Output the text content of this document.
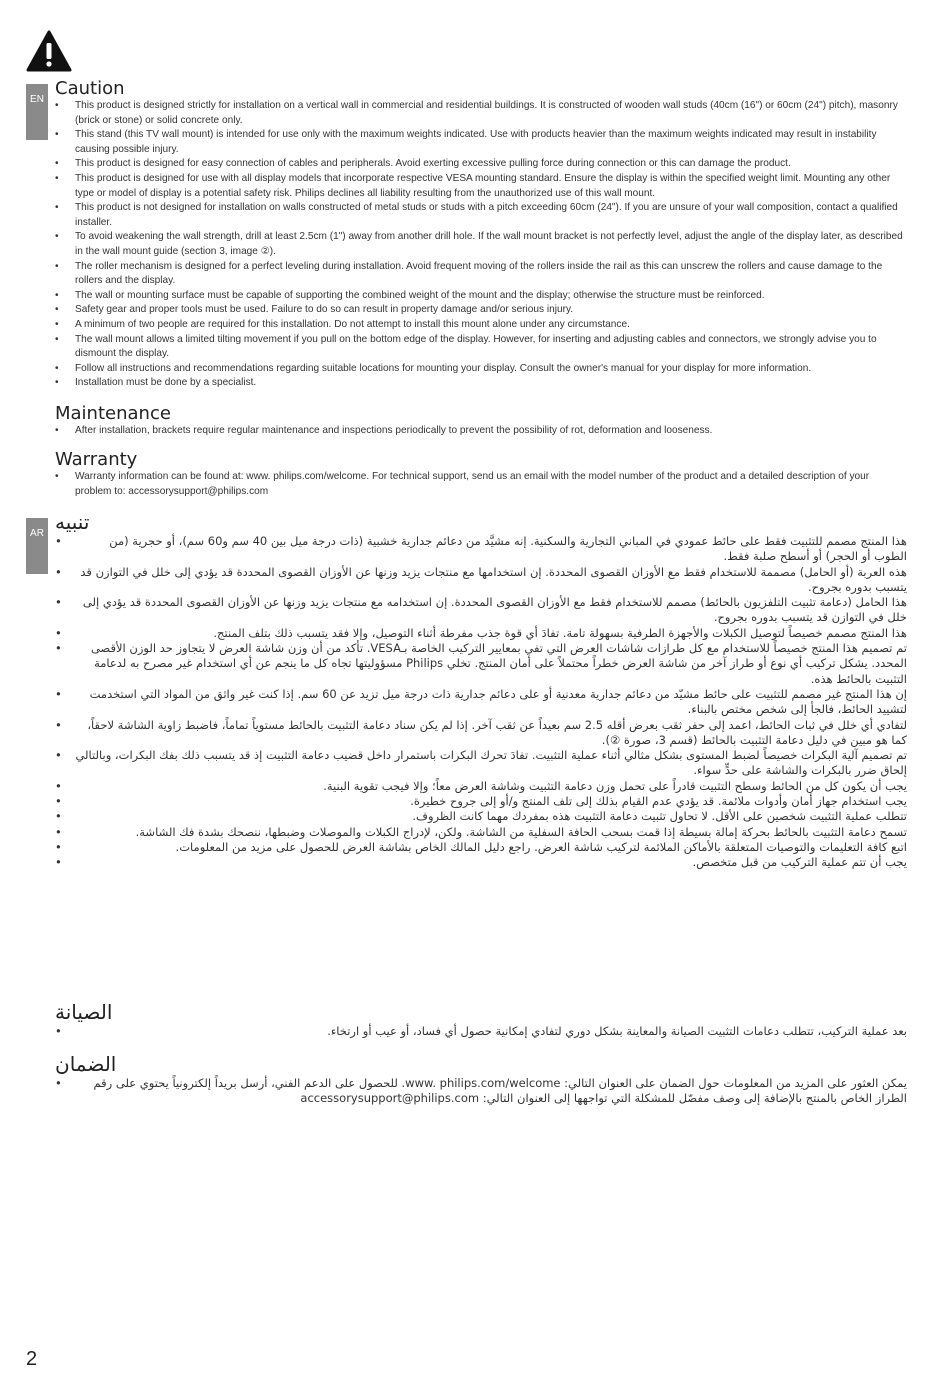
EN
AR
Caution
• This product is designed strictly for installation on a vertical wall in commercial and residential buildings. It is constructed of wooden wall studs (40cm (16") or 60cm (24") pitch), masonry (brick or stone) or solid concrete only.
• This stand (this TV wall mount) is intended for use only with the maximum weights indicated. Use with products heavier than the maximum weights indicated may result in instability causing possible injury.
• This product is designed for easy connection of cables and peripherals. Avoid exerting excessive pulling force during connection or this can damage the product.
• This product is designed for use with all display models that incorporate respective VESA mounting standard. Ensure the display is within the specified weight limit. Mounting any other type or model of display is a potential safety risk. Philips declines all liability resulting from the unauthorized use of this wall mount.
• This product is not designed for installation on walls constructed of metal studs or studs with a pitch exceeding 60cm (24"). If you are unsure of your wall composition, contact a qualified installer.
• To avoid weakening the wall strength, drill at least 2.5cm (1") away from another drill hole. If the wall mount bracket is not perfectly level, adjust the angle of the display later, as described in the wall mount guide (section 3, image ②).
• The roller mechanism is designed for a perfect leveling during installation. Avoid frequent moving of the rollers inside the rail as this can unscrew the rollers and cause damage to the rollers and the display.
• The wall or mounting surface must be capable of supporting the combined weight of the mount and the display; otherwise the structure must be reinforced.
• Safety gear and proper tools must be used. Failure to do so can result in property damage and/or serious injury.
• A minimum of two people are required for this installation. Do not attempt to install this mount alone under any circumstance.
• The wall mount allows a limited tilting movement if you pull on the bottom edge of the display. However, for inserting and adjusting cables and connectors, we strongly advise you to dismount the display.
• Follow all instructions and recommendations regarding suitable locations for mounting your display. Consult the owner's manual for your display for more information.
• Installation must be done by a specialist.
Maintenance
• After installation, brackets require regular maintenance and inspections periodically to prevent the possibility of rot, deformation and looseness.
Warranty
• Warranty information can be found at: www. philips.com/welcome. For technical support, send us an email with the model number of the product and a detailed description of your problem to: accessorysupport@philips.com
تنبيه
• هذا المنتج مصمم للتثبيت فقط على حائط عمودي في المباني التجارية والسكنية. إنه مشيَّد من دعائم جدارية خشبية (ذات درجة ميل بين 40 سم و60 سم)، أو حجرية (من الطوب أو الحجر) أو أسطح صلبة فقط.
• هذه العربة (أو الحامل) مصممة للاستخدام فقط مع الأوزان القصوى المحددة. إن استخدامها مع منتجات يزيد وزنها عن الأوزان القصوى المحددة قد يؤدي إلى خلل في التوازن قد يتسبب بدوره بجروح.
• هذا الحامل (دعامة تثبيت التلفزيون بالحائط) مصمم للاستخدام فقط مع الأوزان القصوى المحددة. إن استخدامه مع منتجات يزيد وزنها عن الأوزان القصوى المحددة قد يؤدي إلى خلل في التوازن قد يتسبب بدوره بجروح.
• هذا المنتج مصمم خصيصاً لتوصيل الكبلات والأجهزة الطرفية بسهولة تامة. تفادَ أي قوة جذب مفرطة أثناء التوصيل، وإلا فقد يتسبب ذلك بتلف المنتج.
• تم تصميم هذا المنتج خصيصاً للاستخدام مع كل طرازات شاشات العرض التي تفي بمعايير التركيب الخاصة بـVESA. تأكد من أن وزن شاشة العرض لا يتجاوز حد الوزن الأقصى المحدد. يشكل تركيب أي نوع أو طراز آخر من شاشة العرض خطراً محتملاً على أمان المنتج. تخلي Philips مسؤوليتها تجاه كل ما ينجم عن أي استخدام غير مصرح به لدعامة التثبيت بالحائط هذه.
• إن هذا المنتج غير مصمم للتثبيت على حائط مشيّد من دعائم جدارية معدنية أو على دعائم جدارية ذات درجة ميل تزيد عن 60 سم. إذا كنت غير واثق من المواد التي استخدمت لتشييد الحائط، فالجأ إلى شخص مختص بالبناء.
• لتفادي أي خلل في ثبات الحائط، اعمد إلى حفر ثقب بعرض أقله 2.5 سم بعيداً عن ثقب آخر. إذا لم يكن سناد دعامة التثبيت بالحائط مستوياً تماماً، فاضبط زاوية الشاشة لاحقاً، كما هو مبين في دليل دعامة التثبيت بالحائط (قسم 3، صورة ②).
• تم تصميم آلية البكرات خصيصاً لضبط المستوى بشكل مثالي أثناء عملية التثبيت. تفادَ تحرك البكرات باستمرار داخل قضيب دعامة التثبيت إذ قد يتسبب ذلك بفك البكرات، وبالتالي إلحاق ضرر بالبكرات والشاشة على حدٍّ سواء.
• يجب أن يكون كل من الحائط وسطح التثبيت قادراً على تحمل وزن دعامة التثبيت وشاشة العرض معاً؛ وإلا فيجب تقوية البنية.
• يجب استخدام جهاز أمان وأدوات ملائمة. قد يؤدي عدم القيام بذلك إلى تلف المنتج و/أو إلى جروح خطيرة.
• تتطلب عملية التثبيت شخصين على الأقل. لا تحاول تثبيت دعامة التثبيت هذه بمفردك مهما كانت الظروف.
• تسمح دعامة التثبيت بالحائط بحركة إمالة بسيطة إذا قمت بسحب الحافة السفلية من الشاشة. ولكن، لإدراج الكبلات والموصلات وضبطها، ننصحك بشدة فك الشاشة.
• اتبع كافة التعليمات والتوصيات المتعلقة بالأماكن الملائمة لتركيب شاشة العرض. راجع دليل المالك الخاص بشاشة العرض للحصول على مزيد من المعلومات.
• يجب أن تتم عملية التركيب من قبل متخصص.
الصيانة
• بعد عملية التركيب، تتطلب دعامات التثبيت الصيانة والمعاينة بشكل دوري لتفادي إمكانية حصول أي فساد، أو عيب أو ارتخاء.
الضمان
• يمكن العثور على المزيد من المعلومات حول الضمان على العنوان التالي: www. philips.com/welcome. للحصول على الدعم الفني، أرسل بريداً إلكترونياً يحتوي على رقم الطراز الخاص بالمنتج بالإضافة إلى وصف مفصّل للمشكلة التي تواجهها إلى العنوان التالي: accessorysupport@philips.com
2
